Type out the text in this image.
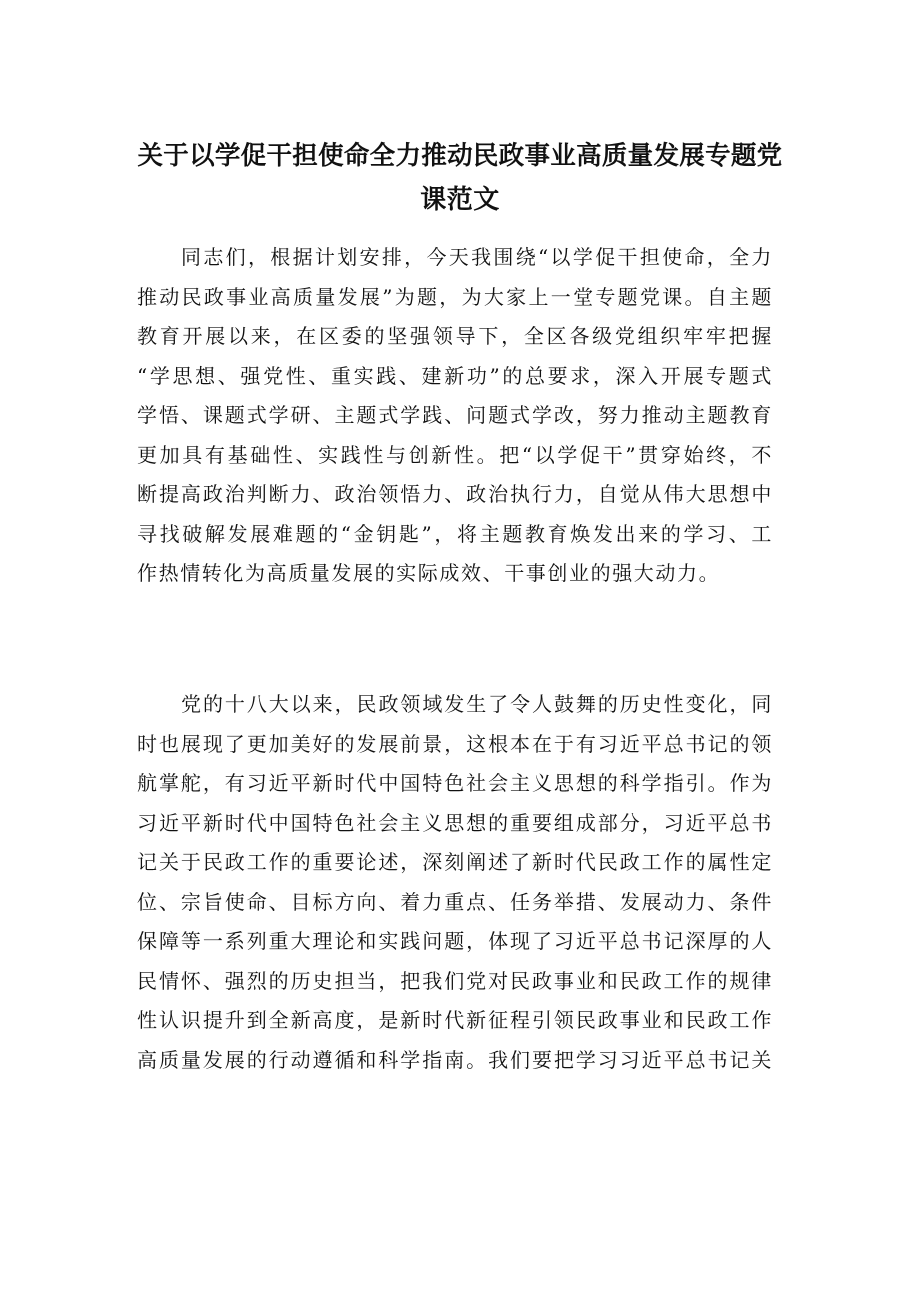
关于以学促干担使命全力推动民政事业高质量发展专题党
课范文
同志们，根据计划安排，今天我围绕“以学促干担使命，全力
推动民政事业高质量发展”为题，为大家上一堂专题党课。自主题
教育开展以来，在区委的坚强领导下，全区各级党组织牢牢把握
“学思想、强党性、重实践、建新功”的总要求，深入开展专题式
学悟、课题式学研、主题式学践、问题式学改，努力推动主题教育
更加具有基础性、实践性与创新性。把“以学促干”贯穿始终，不
断提高政治判断力、政治领悟力、政治执行力，自觉从伟大思想中
寻找破解发展难题的“金钥匙”，将主题教育焕发出来的学习、工
作热情转化为高质量发展的实际成效、干事创业的强大动力。
党的十八大以来，民政领域发生了令人鼓舞的历史性变化，同
时也展现了更加美好的发展前景，这根本在于有习近平总书记的领
航掌舵，有习近平新时代中国特色社会主义思想的科学指引。作为
习近平新时代中国特色社会主义思想的重要组成部分，习近平总书
记关于民政工作的重要论述，深刻阐述了新时代民政工作的属性定
位、宗旨使命、目标方向、着力重点、任务举措、发展动力、条件
保障等一系列重大理论和实践问题，体现了习近平总书记深厚的人
民情怀、强烈的历史担当，把我们党对民政事业和民政工作的规律
性认识提升到全新高度，是新时代新征程引领民政事业和民政工作
高质量发展的行动遵循和科学指南。我们要把学习习近平总书记关
